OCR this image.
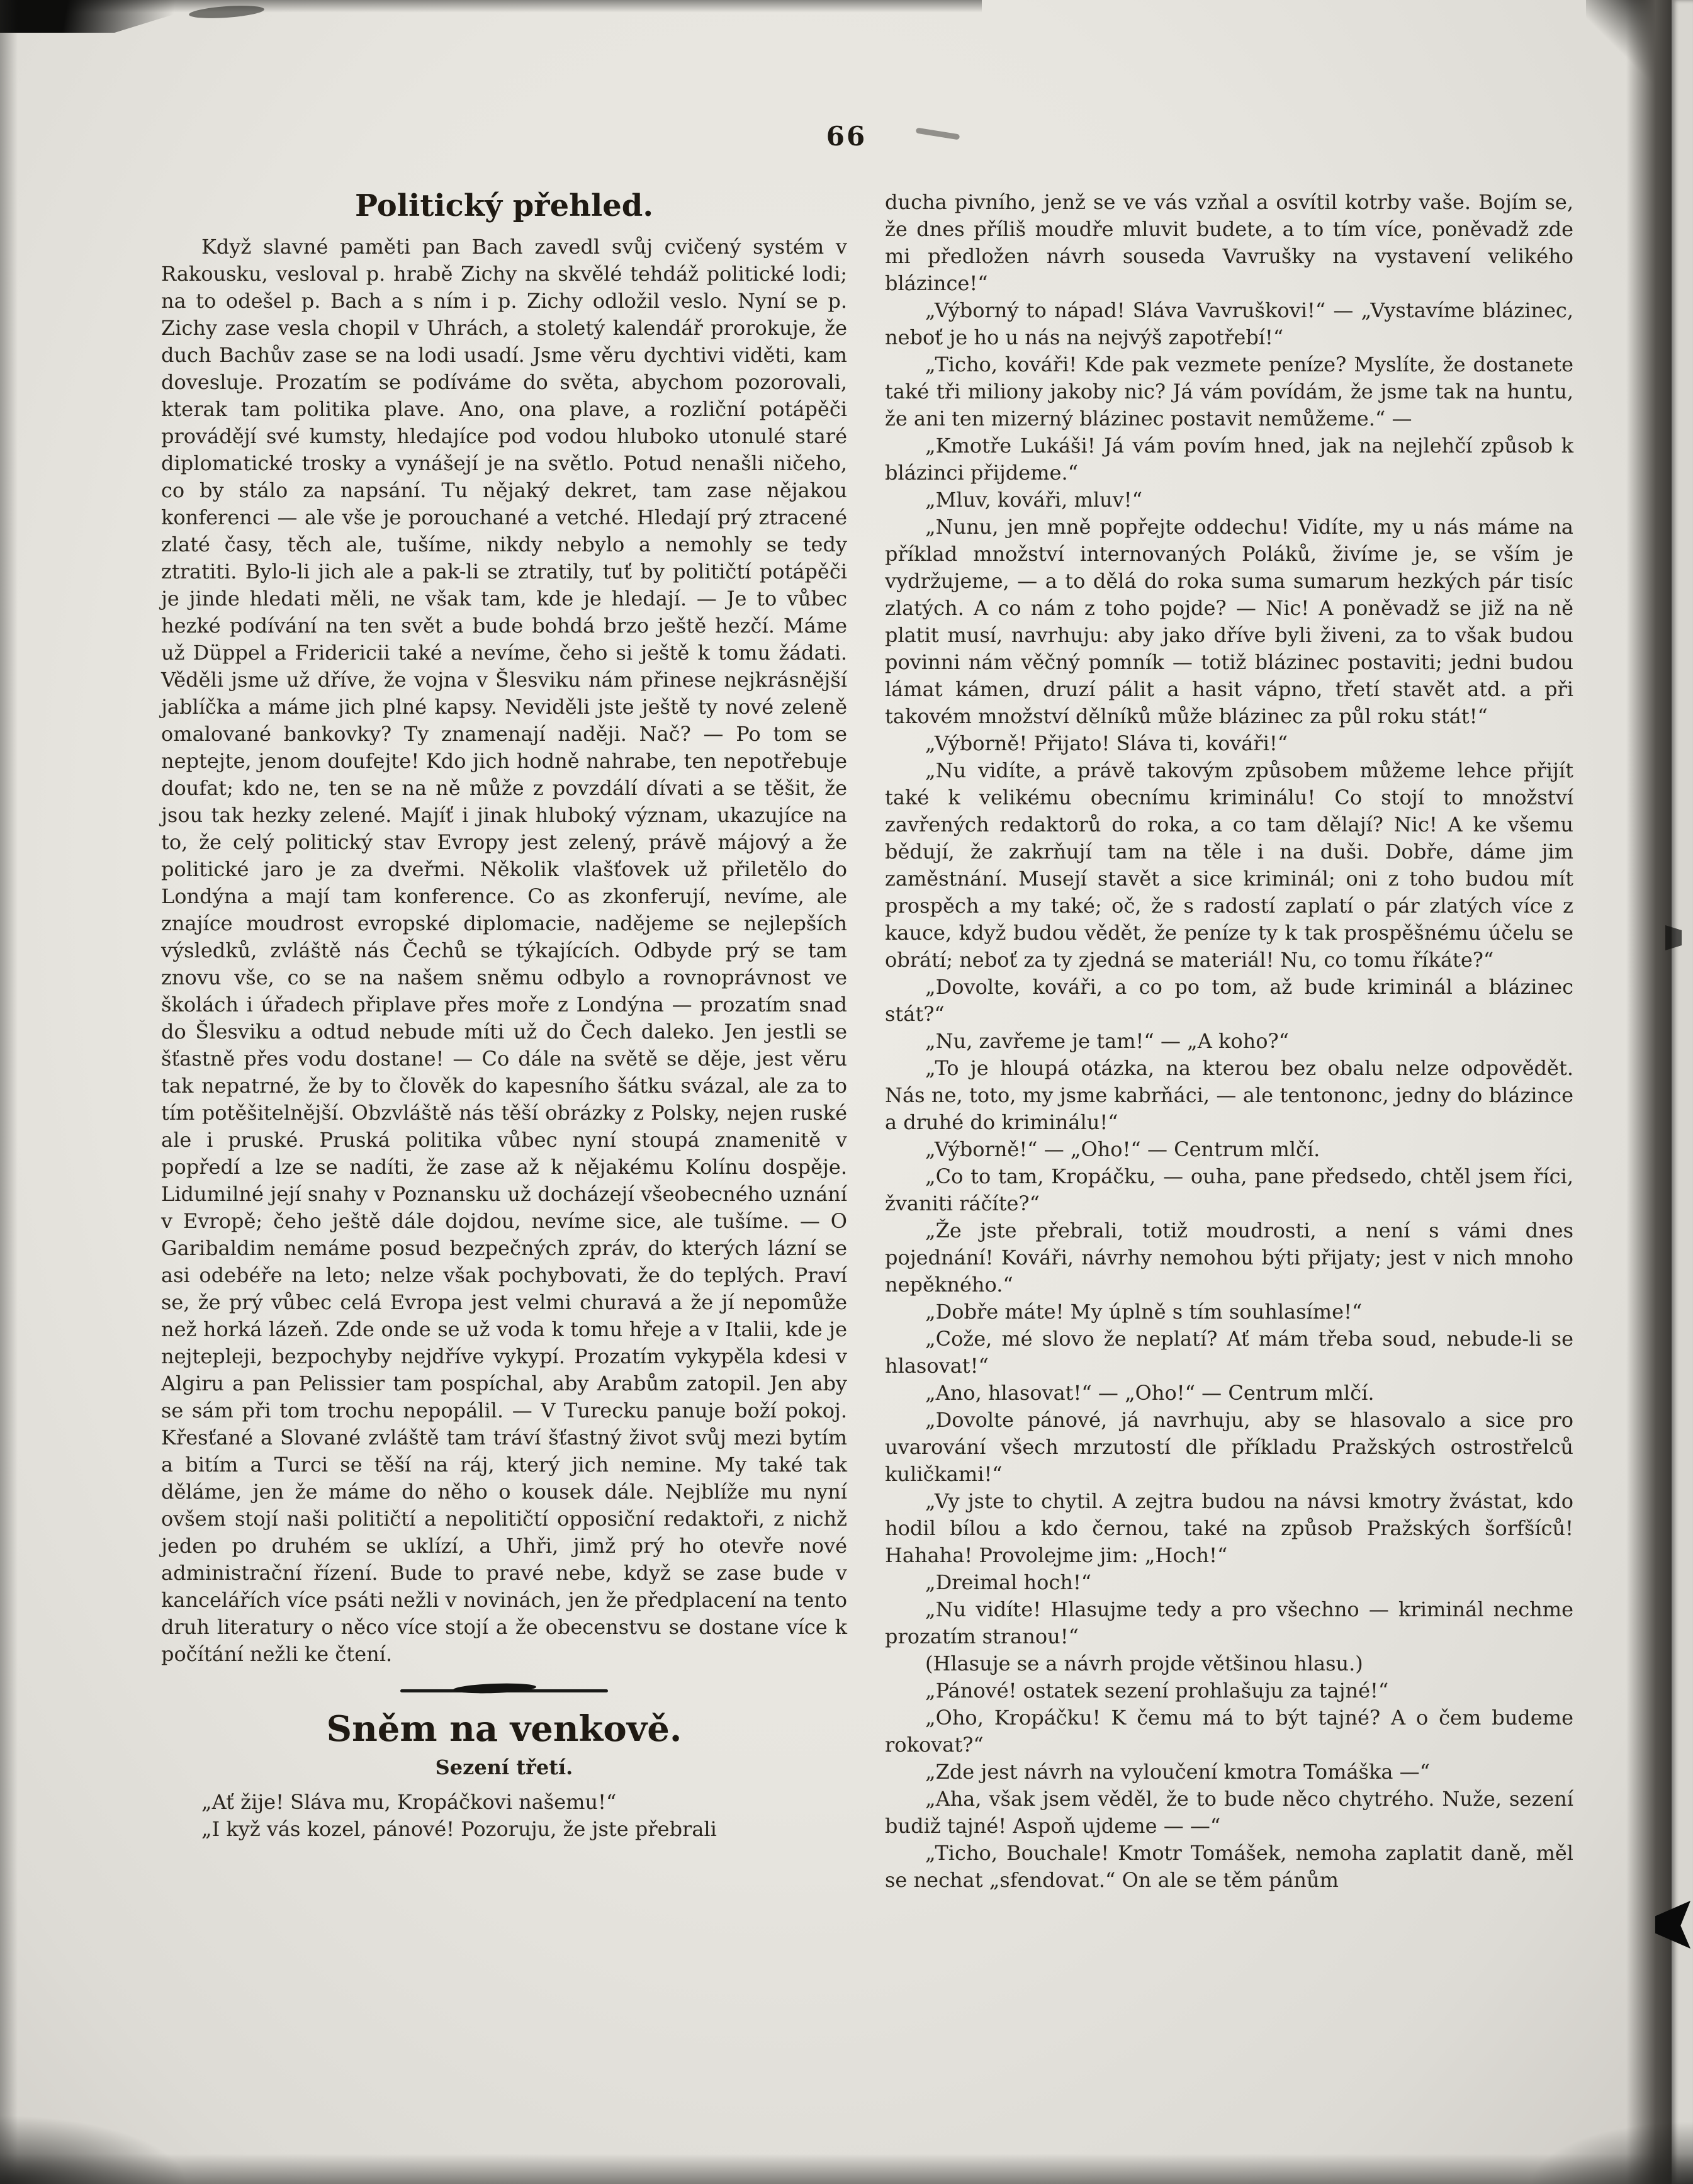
66
Politický přehled.

Když slavné paměti pan Bach zavedl svůj cvičený systém v Rakousku, vesloval p. hrabě Zichy na skvělé tehdáž politické lodi; na to odešel p. Bach a s ním i p. Zichy odložil veslo. Nyní se p. Zichy zase vesla chopil v Uhrách, a stoletý kalendář prorokuje, že duch Bachův zase se na lodi usadí. Jsme věru dychtivi viděti, kam dovesluje. Prozatím se podíváme do světa, abychom pozorovali, kterak tam politika plave. Ano, ona plave, a rozliční potápěči provádějí své kumsty, hledajíce pod vodou hluboko utonulé staré diplomatické trosky a vynášejí je na světlo. Potud nenašli ničeho, co by stálo za napsání. Tu nějaký dekret, tam zase nějakou konferenci — ale vše je porouchané a vetché. Hledají prý ztracené zlaté časy, těch ale, tušíme, nikdy nebylo a nemohly se tedy ztratiti. Bylo-li jich ale a pak-li se ztratily, tuť by političtí potápěči je jinde hledati měli, ne však tam, kde je hledají. — Je to vůbec hezké podívání na ten svět a bude bohdá brzo ještě hezčí. Máme už Düppel a Fridericii také a nevíme, čeho si ještě k tomu žádati. Věděli jsme už dříve, že vojna v Šlesviku nám přinese nejkrásnější jablíčka a máme jich plné kapsy. Neviděli jste ještě ty nové zeleně omalované bankovky? Ty znamenají naději. Nač? — Po tom se neptejte, jenom doufejte! Kdo jich hodně nahrabe, ten nepotřebuje doufat; kdo ne, ten se na ně může z povzdálí dívati a se těšit, že jsou tak hezky zelené. Majíť i jinak hluboký význam, ukazujíce na to, že celý politický stav Evropy jest zelený, právě májový a že politické jaro je za dveřmi. Několik vlašťovek už přiletělo do Londýna a mají tam konference. Co as zkonferují, nevíme, ale znajíce moudrost evropské diplomacie, nadějeme se nejlepších výsledků, zvláště nás Čechů se týkajících. Odbyde prý se tam znovu vše, co se na našem sněmu odbylo a rovnoprávnost ve školách i úřadech připlave přes moře z Londýna — prozatím snad do Šlesviku a odtud nebude míti už do Čech daleko. Jen jestli se šťastně přes vodu dostane! — Co dále na světě se děje, jest věru tak nepatrné, že by to člověk do kapesního šátku svázal, ale za to tím potěšitelnější. Obzvláště nás těší obrázky z Polsky, nejen ruské ale i pruské. Pruská politika vůbec nyní stoupá znamenitě v popředí a lze se nadíti, že zase až k nějakému Kolínu dospěje. Lidumilné její snahy v Poznansku už docházejí všeobecného uznání v Evropě; čeho ještě dále dojdou, nevíme sice, ale tušíme. — O Garibaldim nemáme posud bezpečných zpráv, do kterých lázní se asi odebéře na leto; nelze však pochybovati, že do teplých. Praví se, že prý vůbec celá Evropa jest velmi churavá a že jí nepomůže než horká lázeň. Zde onde se už voda k tomu hřeje a v Italii, kde je nejtepleji, bezpochyby nejdříve vykypí. Prozatím vykypěla kdesi v Algiru a pan Pelissier tam pospíchal, aby Arabům zatopil. Jen aby se sám při tom trochu nepopálil. — V Turecku panuje boží pokoj. Křesťané a Slované zvláště tam tráví šťastný život svůj mezi bytím a bitím a Turci se těší na ráj, který jich nemine. My také tak děláme, jen že máme do něho o kousek dále. Nejblíže mu nyní ovšem stojí naši političtí a nepolitičtí opposiční redaktoři, z nichž jeden po druhém se uklízí, a Uhři, jimž prý ho otevře nové administrační řízení. Bude to pravé nebe, když se zase bude v kancelářích více psáti nežli v novinách, jen že předplacení na tento druh literatury o něco více stojí a že obecenstvu se dostane více k počítání nežli ke čtení.

Sněm na venkově.
Sezení třetí.

„Ať žije! Sláva mu, Kropáčkovi našemu!“

„I kyž vás kozel, pánové! Pozoruju, že jste přebrali

ducha pivního, jenž se ve vás vzňal a osvítil kotrby vaše. Bojím se, že dnes příliš moudře mluvit budete, a to tím více, poněvadž zde mi předložen návrh souseda Vavrušky na vystavení velikého blázince!“

„Výborný to nápad! Sláva Vavruškovi!“ — „Vystavíme blázinec, neboť je ho u nás na nejvýš zapotřebí!“

„Ticho, kováři! Kde pak vezmete peníze? Myslíte, že dostanete také tři miliony jakoby nic? Já vám povídám, že jsme tak na huntu, že ani ten mizerný blázinec postavit nemůžeme.“ —

„Kmotře Lukáši! Já vám povím hned, jak na nejlehčí způsob k blázinci přijdeme.“

„Mluv, kováři, mluv!“

„Nunu, jen mně popřejte oddechu! Vidíte, my u nás máme na příklad množství internovaných Poláků, živíme je, se vším je vydržujeme, — a to dělá do roka suma sumarum hezkých pár tisíc zlatých. A co nám z toho pojde? — Nic! A poněvadž se již na ně platit musí, navrhuju: aby jako dříve byli živeni, za to však budou povinni nám věčný pomník — totiž blázinec postaviti; jedni budou lámat kámen, druzí pálit a hasit vápno, třetí stavět atd. a při takovém množství dělníků může blázinec za půl roku stát!“

„Výborně! Přijato! Sláva ti, kováři!“

„Nu vidíte, a právě takovým způsobem můžeme lehce přijít také k velikému obecnímu kriminálu! Co stojí to množství zavřených redaktorů do roka, a co tam dělají? Nic! A ke všemu bědují, že zakrňují tam na těle i na duši. Dobře, dáme jim zaměstnání. Musejí stavět a sice kriminál; oni z toho budou mít prospěch a my také; oč, že s radostí zaplatí o pár zlatých více z kauce, když budou vědět, že peníze ty k tak prospěšnému účelu se obrátí; neboť za ty zjedná se materiál! Nu, co tomu říkáte?“

„Dovolte, kováři, a co po tom, až bude kriminál a blázinec stát?“

„Nu, zavřeme je tam!“ — „A koho?“

„To je hloupá otázka, na kterou bez obalu nelze odpovědět. Nás ne, toto, my jsme kabrňáci, — ale tentononc, jedny do blázince a druhé do kriminálu!“

„Výborně!“ — „Oho!“ — Centrum mlčí.

„Co to tam, Kropáčku, — ouha, pane předsedo, chtěl jsem říci, žvaniti ráčíte?“

„Že jste přebrali, totiž moudrosti, a není s vámi dnes pojednání! Kováři, návrhy nemohou býti přijaty; jest v nich mnoho nepěkného.“

„Dobře máte! My úplně s tím souhlasíme!“

„Cože, mé slovo že neplatí? Ať mám třeba soud, nebude-li se hlasovat!“

„Ano, hlasovat!“ — „Oho!“ — Centrum mlčí.

„Dovolte pánové, já navrhuju, aby se hlasovalo a sice pro uvarování všech mrzutostí dle příkladu Pražských ostrostřelců kuličkami!“

„Vy jste to chytil. A zejtra budou na návsi kmotry žvástat, kdo hodil bílou a kdo černou, také na způsob Pražských šorfšíců! Hahaha! Provolejme jim: „Hoch!“

„Dreimal hoch!“

„Nu vidíte! Hlasujme tedy a pro všechno — kriminál nechme prozatím stranou!“

(Hlasuje se a návrh projde většinou hlasu.)

„Pánové! ostatek sezení prohlašuju za tajné!“

„Oho, Kropáčku! K čemu má to být tajné? A o čem budeme rokovat?“

„Zde jest návrh na vyloučení kmotra Tomáška —“

„Aha, však jsem věděl, že to bude něco chytrého. Nuže, sezení budiž tajné! Aspoň ujdeme — —“

„Ticho, Bouchale! Kmotr Tomášek, nemoha zaplatit daně, měl se nechat „sfendovat.“ On ale se těm pánům
